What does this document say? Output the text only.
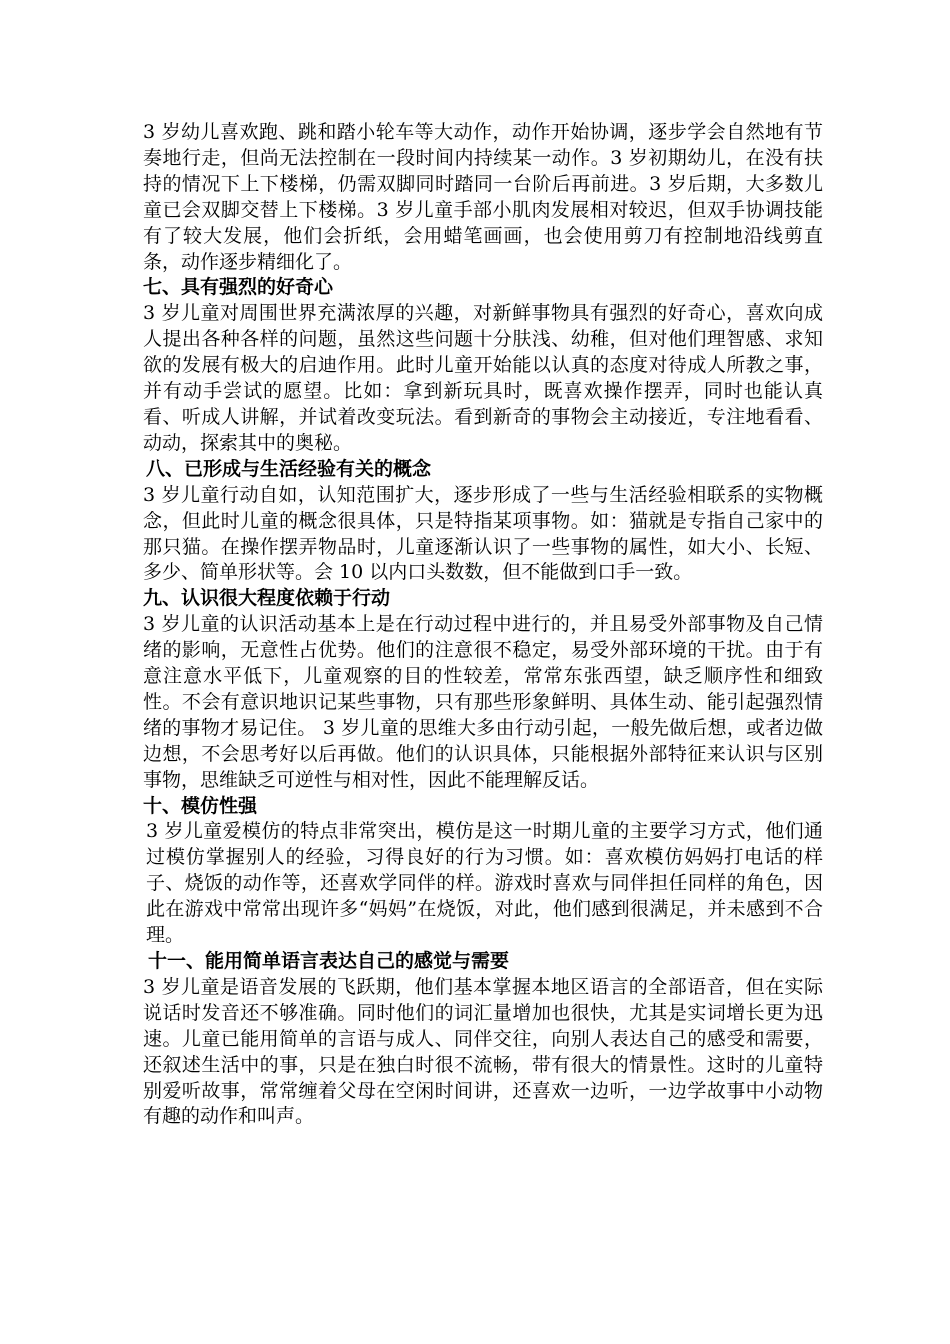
3 岁幼儿喜欢跑、跳和踏小轮车等大动作，动作开始协调，逐步学会自然地有节奏地行走，但尚无法控制在一段时间内持续某一动作。3 岁初期幼儿，在没有扶持的情况下上下楼梯，仍需双脚同时踏同一台阶后再前进。3 岁后期，大多数儿童已会双脚交替上下楼梯。3 岁儿童手部小肌肉发展相对较迟，但双手协调技能有了较大发展，他们会折纸，会用蜡笔画画，也会使用剪刀有控制地沿线剪直条，动作逐步精细化了。

七、具有强烈的好奇心

3 岁儿童对周围世界充满浓厚的兴趣，对新鲜事物具有强烈的好奇心，喜欢向成人提出各种各样的问题，虽然这些问题十分肤浅、幼稚，但对他们理智感、求知欲的发展有极大的启迪作用。此时儿童开始能以认真的态度对待成人所教之事，并有动手尝试的愿望。比如：拿到新玩具时，既喜欢操作摆弄，同时也能认真看、听成人讲解，并试着改变玩法。看到新奇的事物会主动接近，专注地看看、动动，探索其中的奥秘。

八、已形成与生活经验有关的概念

3 岁儿童行动自如，认知范围扩大，逐步形成了一些与生活经验相联系的实物概念，但此时儿童的概念很具体，只是特指某项事物。如：猫就是专指自己家中的那只猫。在操作摆弄物品时，儿童逐渐认识了一些事物的属性，如大小、长短、多少、简单形状等。会 10 以内口头数数，但不能做到口手一致。

九、认识很大程度依赖于行动

3 岁儿童的认识活动基本上是在行动过程中进行的，并且易受外部事物及自己情绪的影响，无意性占优势。他们的注意很不稳定，易受外部环境的干扰。由于有意注意水平低下，儿童观察的目的性较差，常常东张西望，缺乏顺序性和细致性。不会有意识地识记某些事物，只有那些形象鲜明、具体生动、能引起强烈情绪的事物才易记住。 3 岁儿童的思维大多由行动引起，一般先做后想，或者边做边想，不会思考好以后再做。他们的认识具体，只能根据外部特征来认识与区别事物，思维缺乏可逆性与相对性，因此不能理解反话。

十、模仿性强

3 岁儿童爱模仿的特点非常突出，模仿是这一时期儿童的主要学习方式，他们通过模仿掌握别人的经验，习得良好的行为习惯。如：喜欢模仿妈妈打电话的样子、烧饭的动作等，还喜欢学同伴的样。游戏时喜欢与同伴担任同样的角色，因此在游戏中常常出现许多“妈妈”在烧饭，对此，他们感到很满足，并未感到不合理。

十一、能用简单语言表达自己的感觉与需要

3 岁儿童是语音发展的飞跃期，他们基本掌握本地区语言的全部语音，但在实际说话时发音还不够准确。同时他们的词汇量增加也很快，尤其是实词增长更为迅速。儿童已能用简单的言语与成人、同伴交往，向别人表达自己的感受和需要，还叙述生活中的事，只是在独白时很不流畅，带有很大的情景性。这时的儿童特别爱听故事，常常缠着父母在空闲时间讲，还喜欢一边听，一边学故事中小动物有趣的动作和叫声。
